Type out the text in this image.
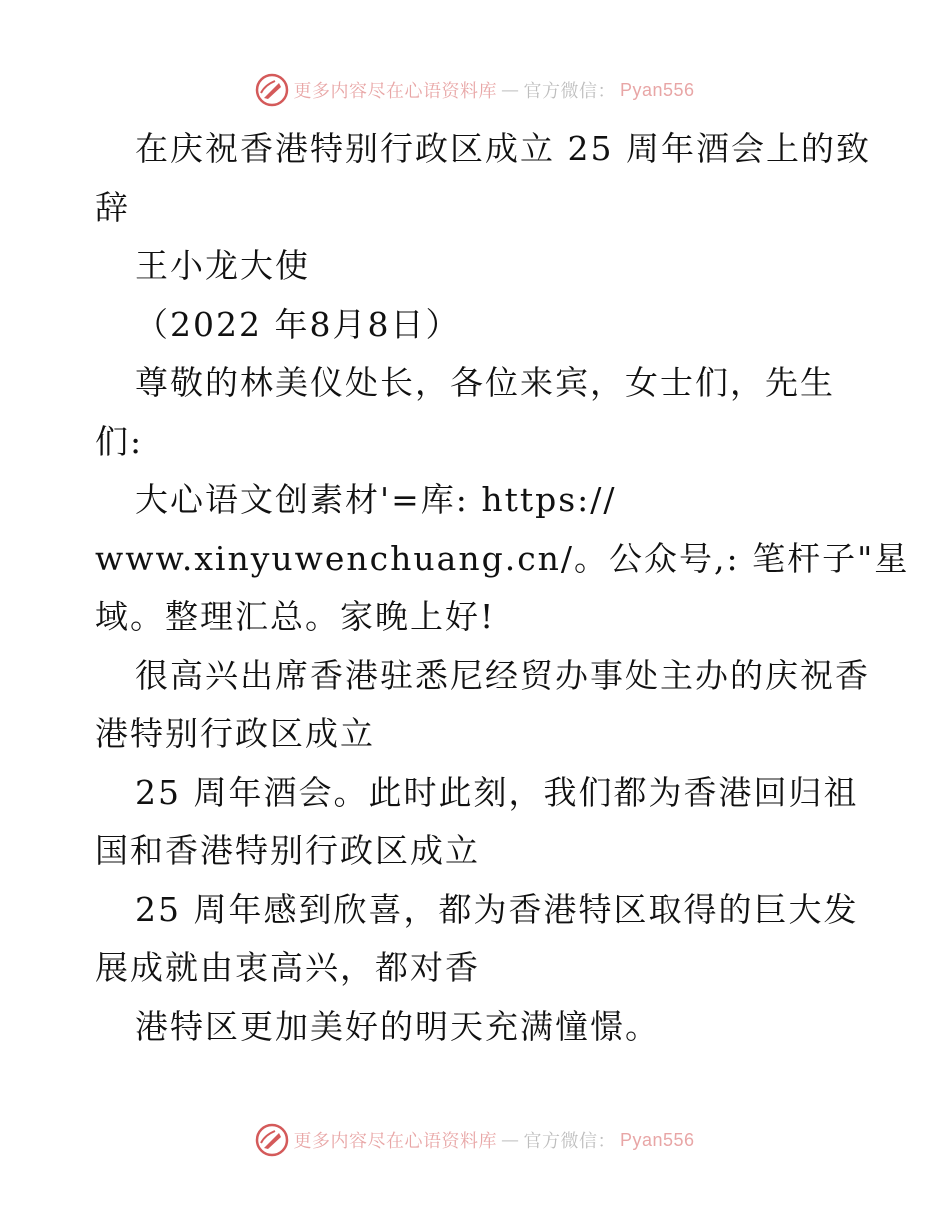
更多内容尽在心语资料库 — 官方微信： Pyan556
在庆祝香港特别行政区成立 25 周年酒会上的致
辞
王小龙大使
（2022 年8月8日）
尊敬的林美仪处长，各位来宾，女士们，先生
们:
大心语文创素材'=库: https://
www.xinyuwenchuang.cn/。公众号,: 笔杆子"星
域。整理汇总。家晚上好!
很高兴出席香港驻悉尼经贸办事处主办的庆祝香
港特别行政区成立
25 周年酒会。此时此刻，我们都为香港回归祖
国和香港特别行政区成立
25 周年感到欣喜，都为香港特区取得的巨大发
展成就由衷高兴，都对香
港特区更加美好的明天充满憧憬。
更多内容尽在心语资料库 — 官方微信： Pyan556
